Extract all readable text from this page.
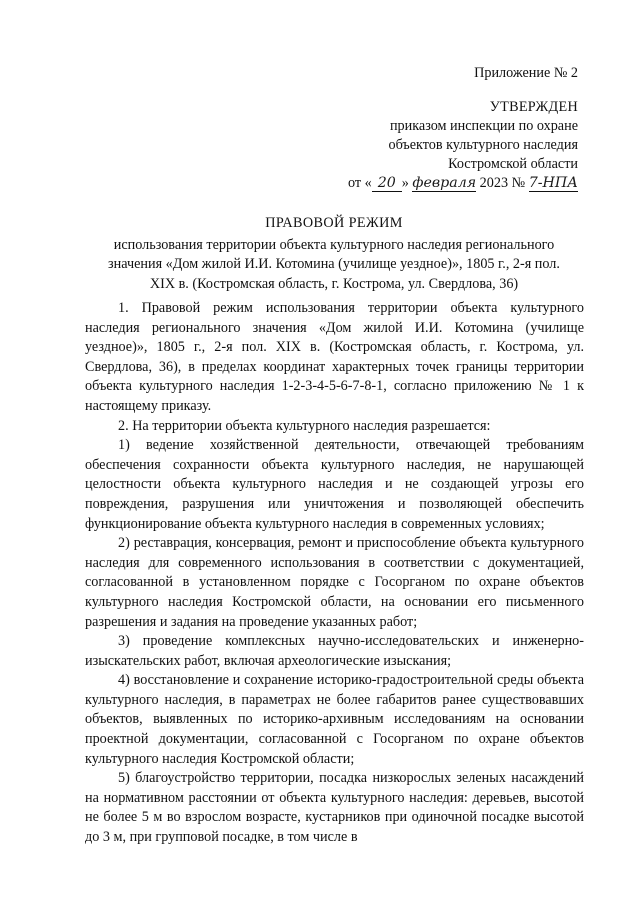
Приложение № 2
УТВЕРЖДЕН
приказом инспекции по охране
объектов культурного наследия
Костромской области
от « 20 » февраля 2023 № 7-НПА
ПРАВОВОЙ РЕЖИМ
использования территории объекта культурного наследия регионального
значения «Дом жилой И.И. Котомина (училище уездное)», 1805 г., 2-я пол.
XIX в. (Костромская область, г. Кострома, ул. Свердлова, 36)

1. Правовой режим использования территории объекта культурного наследия регионального значения «Дом жилой И.И. Котомина (училище уездное)», 1805 г., 2-я пол. XIX в. (Костромская область, г. Кострома, ул. Свердлова, 36), в пределах координат характерных точек границы территории объекта культурного наследия 1-2-3-4-5-6-7-8-1, согласно приложению № 1 к настоящему приказу.

2. На территории объекта культурного наследия разрешается:

1) ведение хозяйственной деятельности, отвечающей требованиям обеспечения сохранности объекта культурного наследия, не нарушающей целостности объекта культурного наследия и не создающей угрозы его повреждения, разрушения или уничтожения и позволяющей обеспечить функционирование объекта культурного наследия в современных условиях;

2) реставрация, консервация, ремонт и приспособление объекта культурного наследия для современного использования в соответствии с документацией, согласованной в установленном порядке с Госорганом по охране объектов культурного наследия Костромской области, на основании его письменного разрешения и задания на проведение указанных работ;

3) проведение комплексных научно-исследовательских и инженерно-изыскательских работ, включая археологические изыскания;

4) восстановление и сохранение историко-градостроительной среды объекта культурного наследия, в параметрах не более габаритов ранее существовавших объектов, выявленных по историко-архивным исследованиям на основании проектной документации, согласованной с Госорганом по охране объектов культурного наследия Костромской области;

5) благоустройство территории, посадка низкорослых зеленых насаждений на нормативном расстоянии от объекта культурного наследия: деревьев, высотой не более 5 м во взрослом возрасте, кустарников при одиночной посадке высотой до 3 м, при групповой посадке, в том числе в
